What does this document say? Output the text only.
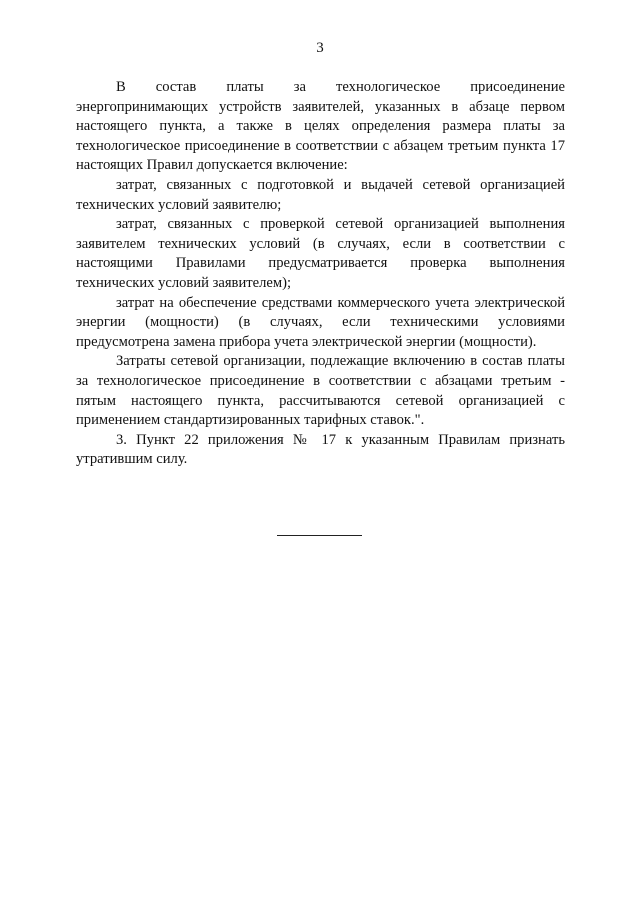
3

В состав платы за технологическое присоединение энергопринимающих устройств заявителей, указанных в абзаце первом настоящего пункта, а также в целях определения размера платы за технологическое присоединение в соответствии с абзацем третьим пункта 17 настоящих Правил допускается включение:

затрат, связанных с подготовкой и выдачей сетевой организацией технических условий заявителю;

затрат, связанных с проверкой сетевой организацией выполнения заявителем технических условий (в случаях, если в соответствии с настоящими Правилами предусматривается проверка выполнения технических условий заявителем);

затрат на обеспечение средствами коммерческого учета электрической энергии (мощности) (в случаях, если техническими условиями предусмотрена замена прибора учета электрической энергии (мощности).

Затраты сетевой организации, подлежащие включению в состав платы за технологическое присоединение в соответствии с абзацами третьим - пятым настоящего пункта, рассчитываются сетевой организацией с применением стандартизированных тарифных ставок.".

3. Пункт 22 приложения № 17 к указанным Правилам признать утратившим силу.
